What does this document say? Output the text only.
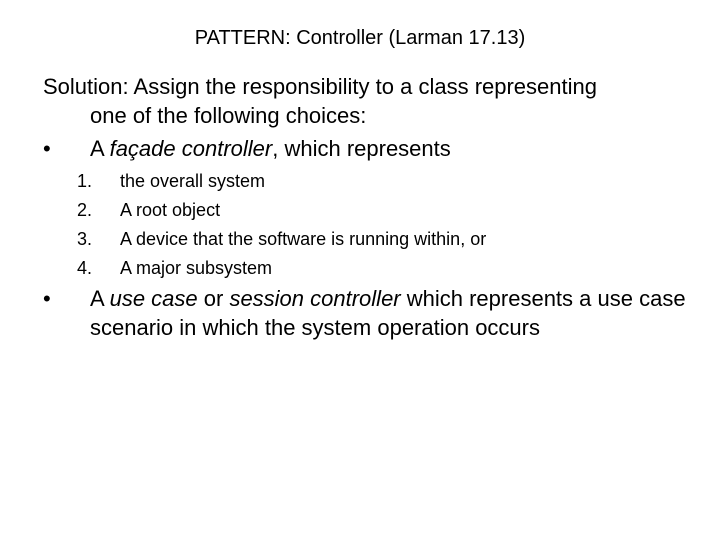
PATTERN: Controller (Larman 17.13)
Solution: Assign the responsibility to a class representing
one of the following choices:
•	A façade controller, which represents
1.	the overall system
2.	A root object
3.	A device that the software is running within, or
4.	A major subsystem
•	A use case or session controller which represents a use case scenario in which the system operation occurs
